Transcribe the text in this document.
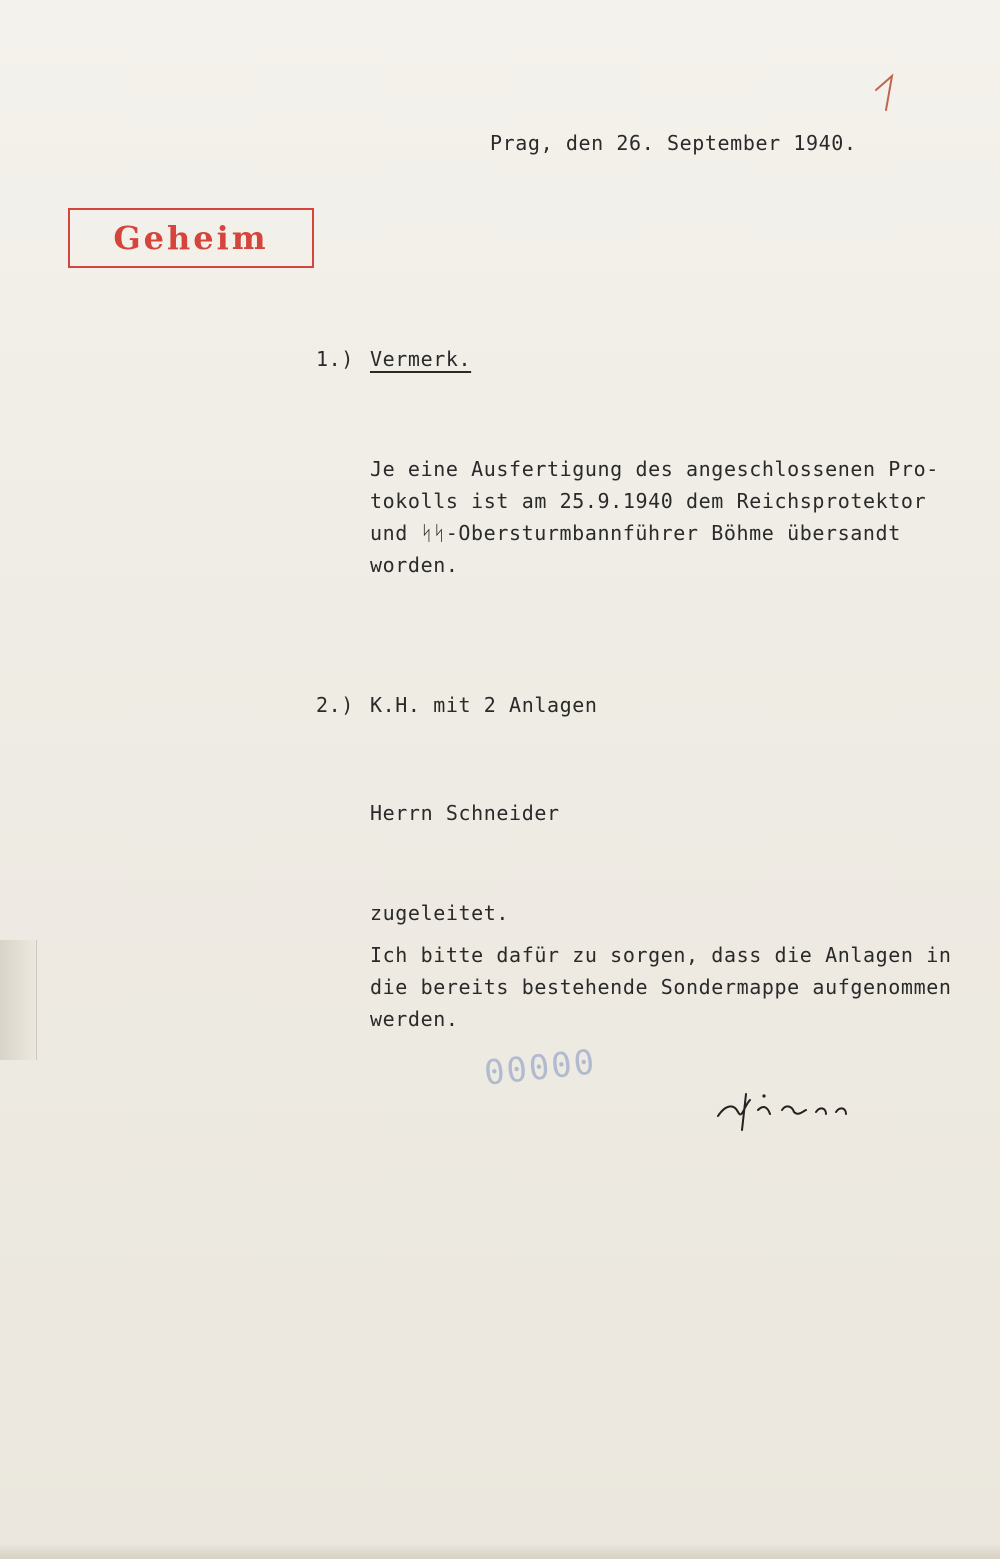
Prag, den 26. September 1940.
Geheim
1.) Vermerk.
Je eine Ausfertigung des angeschlossenen Pro-
tokolls ist am 25.9.1940 dem Reichsprotektor
und ᛋᛋ-Obersturmbannführer Böhme übersandt
worden.
2.) K.H. mit 2 Anlagen
Herrn Schneider
zugeleitet.
Ich bitte dafür zu sorgen, dass die Anlagen in
die bereits bestehende Sondermappe aufgenommen
werden.
00000
